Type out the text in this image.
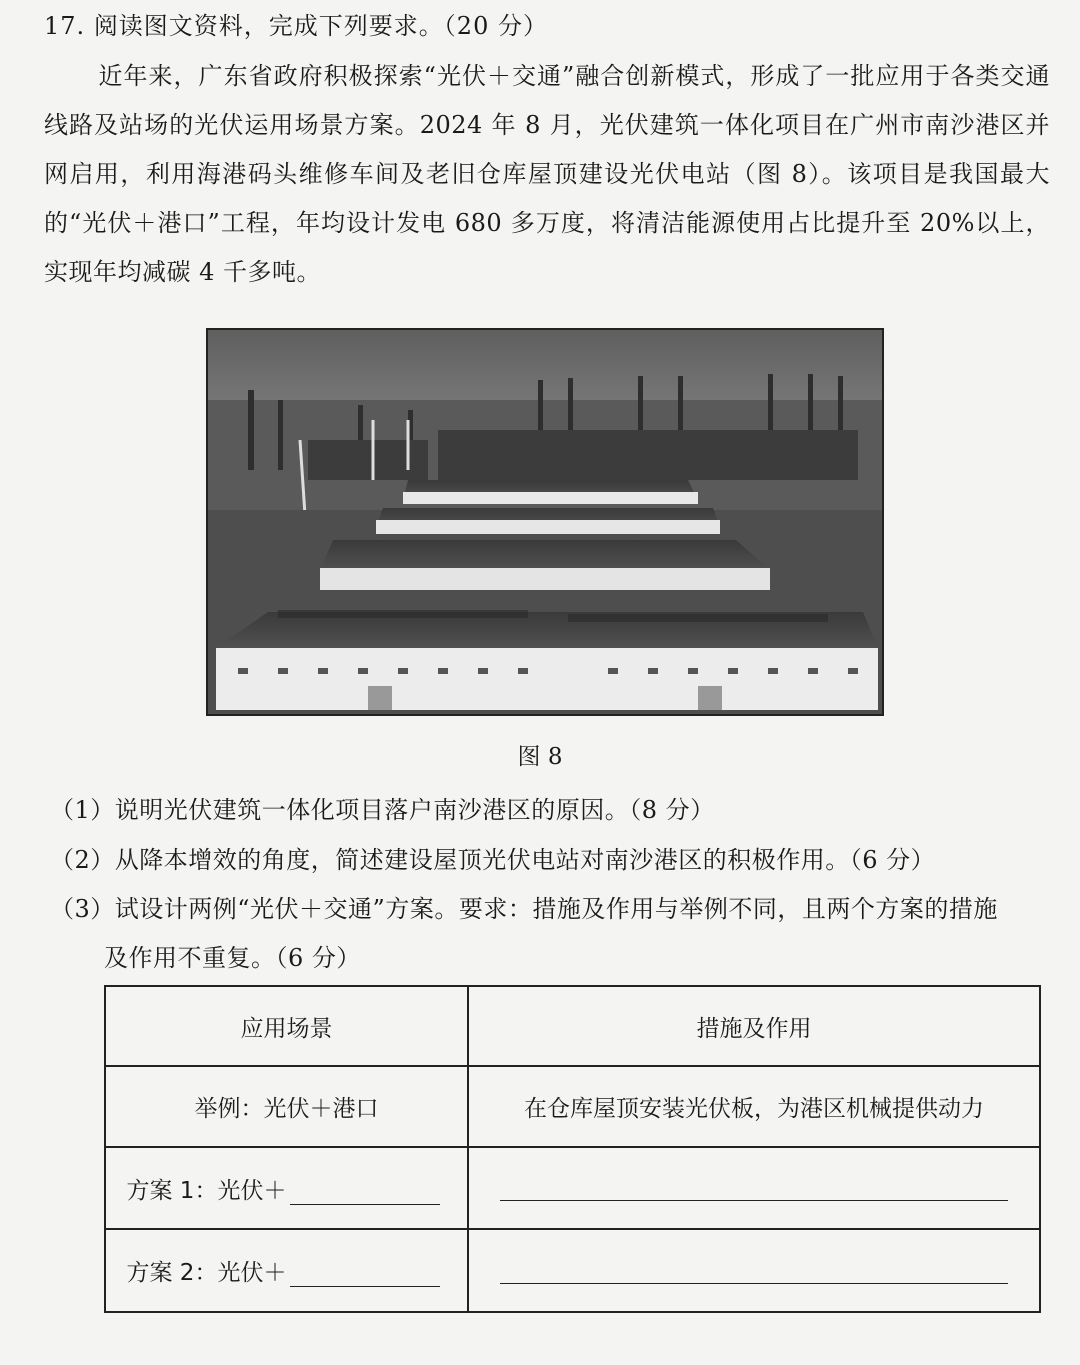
17. 阅读图文资料，完成下列要求。（20 分）
近年来，广东省政府积极探索“光伏＋交通”融合创新模式，形成了一批应用于各类交通线路及站场的光伏运用场景方案。2024 年 8 月，光伏建筑一体化项目在广州市南沙港区并网启用，利用海港码头维修车间及老旧仓库屋顶建设光伏电站（图 8）。该项目是我国最大的“光伏＋港口”工程，年均设计发电 680 多万度，将清洁能源使用占比提升至 20%以上，实现年均减碳 4 千多吨。
图 8
（1）说明光伏建筑一体化项目落户南沙港区的原因。（8 分）
（2）从降本增效的角度，简述建设屋顶光伏电站对南沙港区的积极作用。（6 分）
（3）试设计两例“光伏＋交通”方案。要求：措施及作用与举例不同，且两个方案的措施
及作用不重复。（6 分）
应用场景	措施及作用
举例：光伏＋港口	在仓库屋顶安装光伏板，为港区机械提供动力
方案 1：光伏＋	
方案 2：光伏＋	
